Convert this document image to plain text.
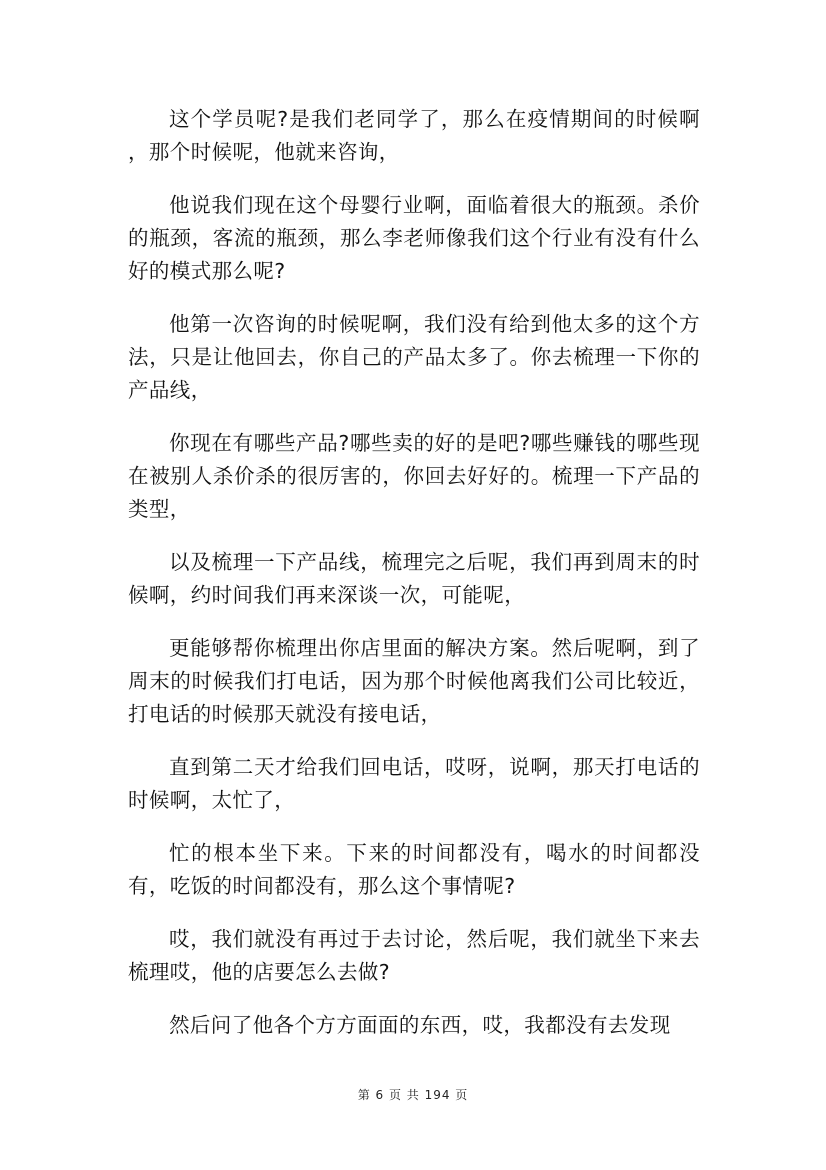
这个学员呢?是我们老同学了，那么在疫情期间的时候啊 ，那个时候呢，他就来咨询，

他说我们现在这个母婴行业啊，面临着很大的瓶颈。杀价的瓶颈，客流的瓶颈，那么李老师像我们这个行业有没有什么好的模式那么呢?

他第一次咨询的时候呢啊，我们没有给到他太多的这个方法，只是让他回去，你自己的产品太多了。你去梳理一下你的产品线，

你现在有哪些产品?哪些卖的好的是吧?哪些赚钱的哪些现在被别人杀价杀的很厉害的，你回去好好的。梳理一下产品的类型，

以及梳理一下产品线，梳理完之后呢，我们再到周末的时候啊，约时间我们再来深谈一次，可能呢，

更能够帮你梳理出你店里面的解决方案。然后呢啊，到了周末的时候我们打电话，因为那个时候他离我们公司比较近，打电话的时候那天就没有接电话，

直到第二天才给我们回电话，哎呀，说啊，那天打电话的时候啊，太忙了，

忙的根本坐下来。下来的时间都没有，喝水的时间都没有，吃饭的时间都没有，那么这个事情呢?

哎，我们就没有再过于去讨论，然后呢，我们就坐下来去梳理哎，他的店要怎么去做?

然后问了他各个方方面面的东西，哎，我都没有去发现

第 6 页 共 194 页
